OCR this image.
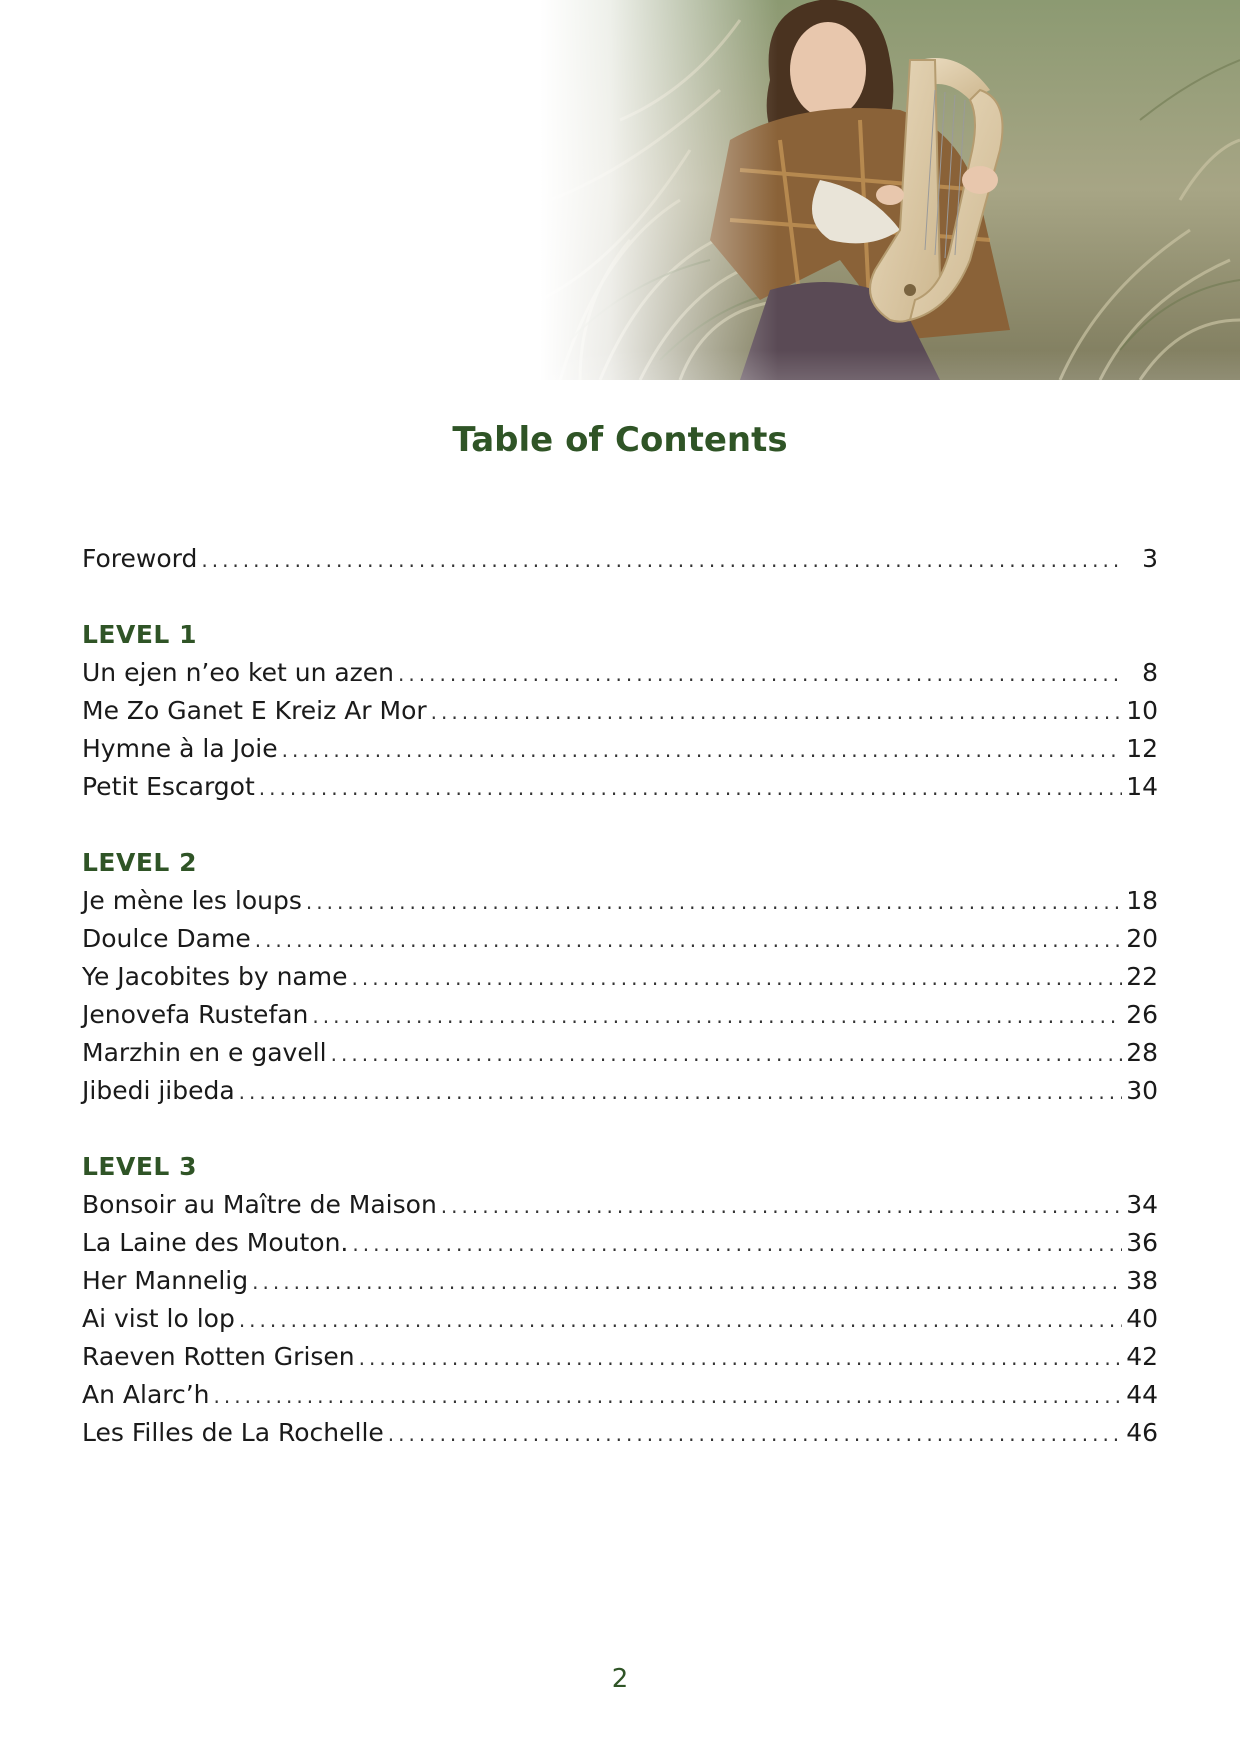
Table of Contents
Foreword .....	3
LEVEL 1
Un ejen n’eo ket un azen .....	8
Me Zo Ganet E Kreiz Ar Mor .....	10
Hymne à la Joie .....	12
Petit Escargot .....	14
LEVEL 2
Je mène les loups .....	18
Doulce Dame .....	20
Ye Jacobites by name .....	22
Jenovefa Rustefan .....	26
Marzhin en e gavell .....	28
Jibedi jibeda .....	30
LEVEL 3
Bonsoir au Maître de Maison .....	34
La Laine des Mouton. .....	36
Her Mannelig .....	38
Ai vist lo lop .....	40
Raeven Rotten Grisen .....	42
An Alarc’h .....	44
Les Filles de La Rochelle .....	46
2
